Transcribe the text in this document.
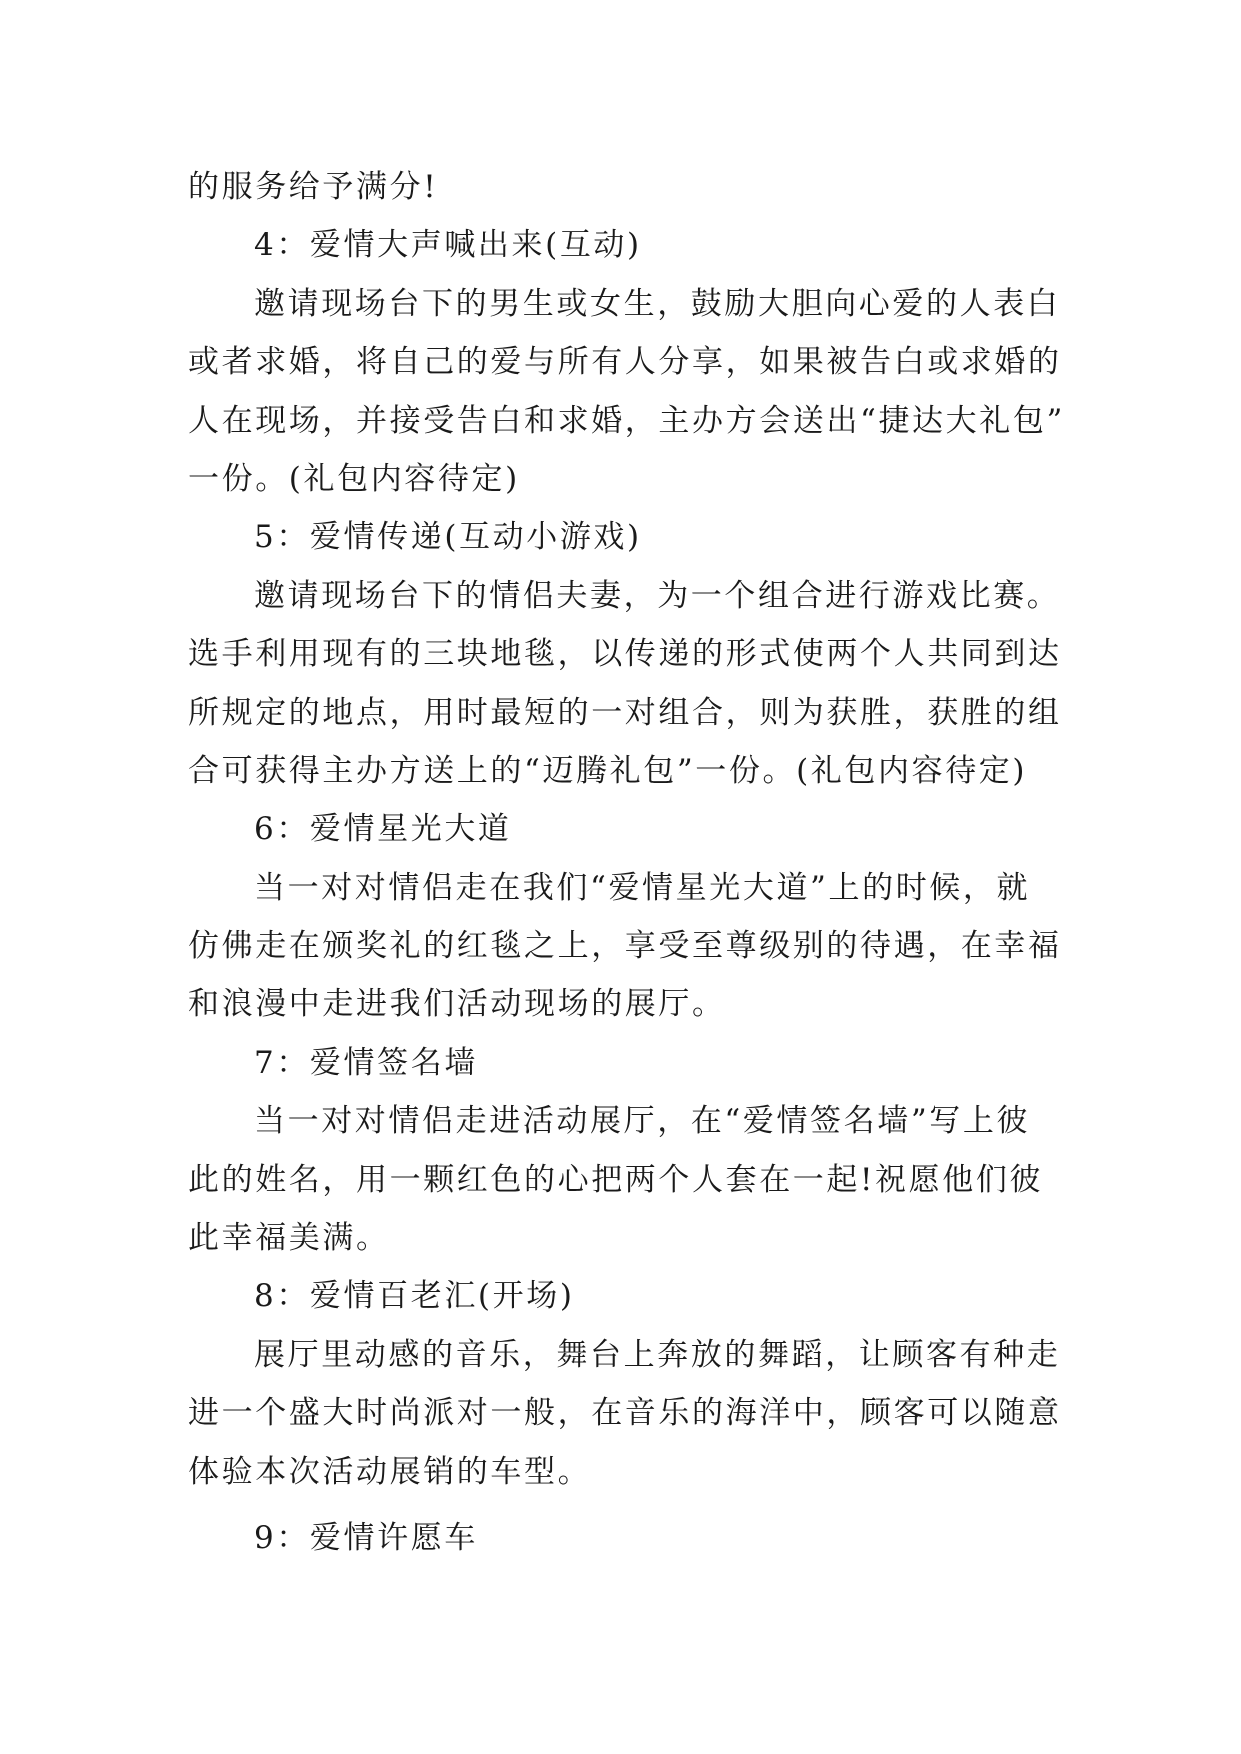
的服务给予满分!
4：爱情大声喊出来(互动)
邀请现场台下的男生或女生，鼓励大胆向心爱的人表白
或者求婚，将自己的爱与所有人分享，如果被告白或求婚的
人在现场，并接受告白和求婚，主办方会送出“捷达大礼包”
一份。(礼包内容待定)
5：爱情传递(互动小游戏)
邀请现场台下的情侣夫妻，为一个组合进行游戏比赛。
选手利用现有的三块地毯，以传递的形式使两个人共同到达
所规定的地点，用时最短的一对组合，则为获胜，获胜的组
合可获得主办方送上的“迈腾礼包”一份。(礼包内容待定)
6：爱情星光大道
当一对对情侣走在我们“爱情星光大道”上的时候，就
仿佛走在颁奖礼的红毯之上，享受至尊级别的待遇，在幸福
和浪漫中走进我们活动现场的展厅。
7：爱情签名墙
当一对对情侣走进活动展厅，在“爱情签名墙”写上彼
此的姓名，用一颗红色的心把两个人套在一起!祝愿他们彼
此幸福美满。
8：爱情百老汇(开场)
展厅里动感的音乐，舞台上奔放的舞蹈，让顾客有种走
进一个盛大时尚派对一般，在音乐的海洋中，顾客可以随意
体验本次活动展销的车型。
9：爱情许愿车
